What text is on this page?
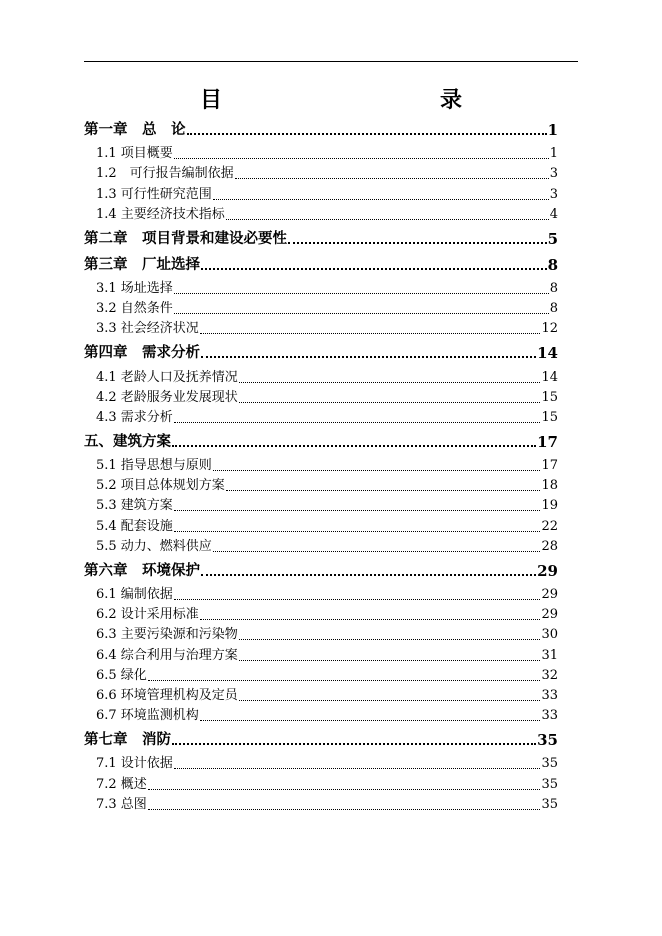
目　　录
第一章　总　论	1
1.1 项目概要	1
1.2　可行报告编制依据	3
1.3 可行性研究范围	3
1.4 主要经济技术指标	4
第二章　项目背景和建设必要性	5
第三章　厂址选择	8
3.1 场址选择	8
3.2 自然条件	8
3.3 社会经济状况	12
第四章　需求分析	14
4.1 老龄人口及抚养情况	14
4.2 老龄服务业发展现状	15
4.3 需求分析	15
五、建筑方案	17
5.1 指导思想与原则	17
5.2 项目总体规划方案	18
5.3 建筑方案	19
5.4 配套设施	22
5.5 动力、燃料供应	28
第六章　环境保护	29
6.1 编制依据	29
6.2 设计采用标准	29
6.3 主要污染源和污染物	30
6.4 综合利用与治理方案	31
6.5 绿化	32
6.6 环境管理机构及定员	33
6.7 环境监测机构	33
第七章　消防	35
7.1 设计依据	35
7.2 概述	35
7.3 总图	35
